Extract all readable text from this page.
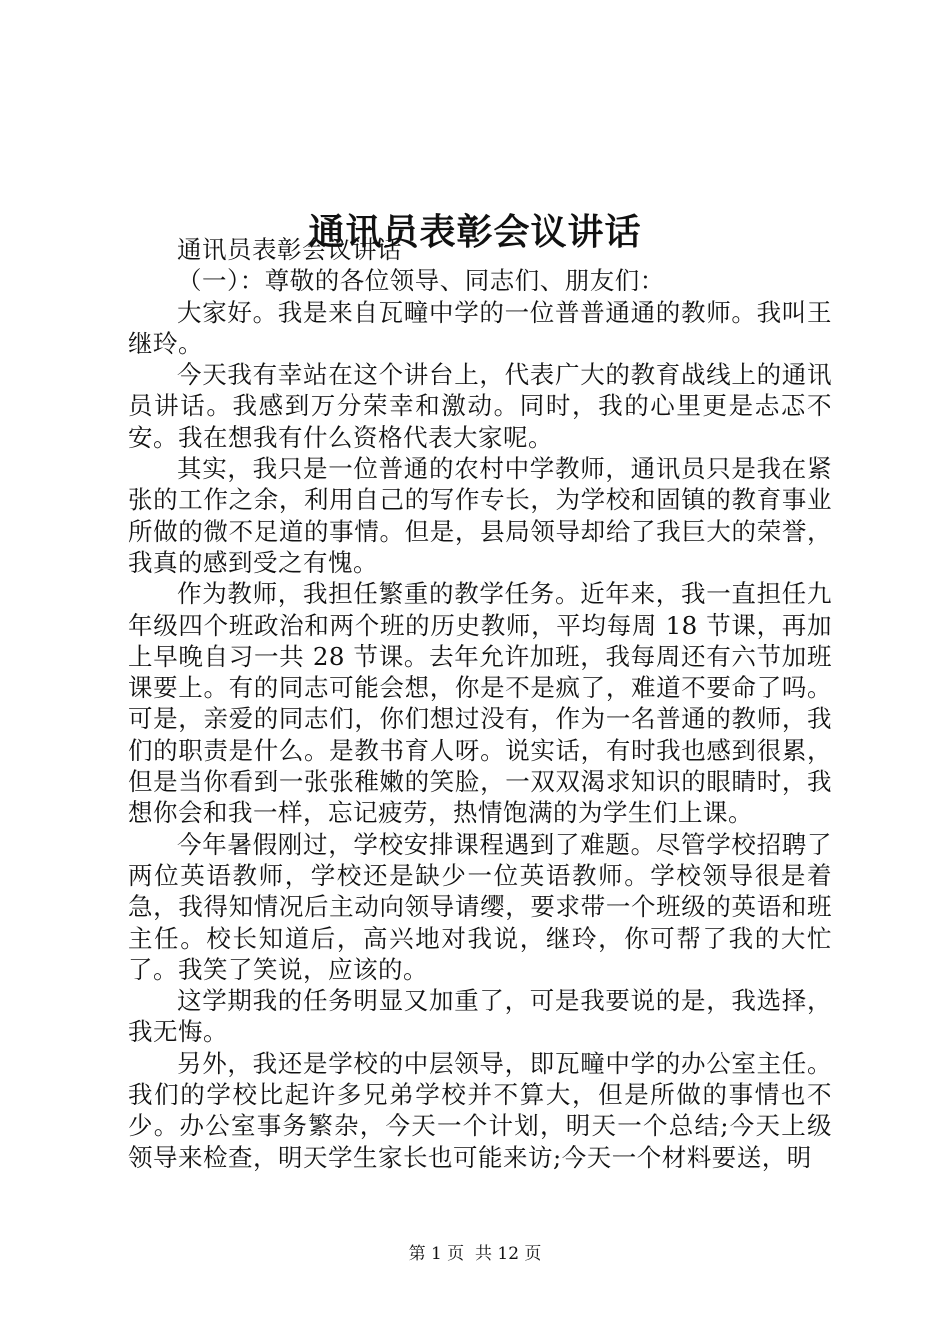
通讯员表彰会议讲话

通讯员表彰会议讲话

（一）：尊敬的各位领导、同志们、朋友们：

大家好。我是来自瓦疃中学的一位普普通通的教师。我叫王继玲。

今天我有幸站在这个讲台上，代表广大的教育战线上的通讯员讲话。我感到万分荣幸和激动。同时，我的心里更是忐忑不安。我在想我有什么资格代表大家呢。

其实，我只是一位普通的农村中学教师，通讯员只是我在紧张的工作之余，利用自己的写作专长，为学校和固镇的教育事业所做的微不足道的事情。但是，县局领导却给了我巨大的荣誉，我真的感到受之有愧。

作为教师，我担任繁重的教学任务。近年来，我一直担任九年级四个班政治和两个班的历史教师，平均每周 18 节课，再加上早晚自习一共 28 节课。去年允许加班，我每周还有六节加班课要上。有的同志可能会想，你是不是疯了，难道不要命了吗。可是，亲爱的同志们，你们想过没有，作为一名普通的教师，我们的职责是什么。是教书育人呀。说实话，有时我也感到很累，但是当你看到一张张稚嫩的笑脸，一双双渴求知识的眼睛时，我想你会和我一样，忘记疲劳，热情饱满的为学生们上课。

今年暑假刚过，学校安排课程遇到了难题。尽管学校招聘了两位英语教师，学校还是缺少一位英语教师。学校领导很是着急，我得知情况后主动向领导请缨，要求带一个班级的英语和班主任。校长知道后，高兴地对我说，继玲，你可帮了我的大忙了。我笑了笑说，应该的。

这学期我的任务明显又加重了，可是我要说的是，我选择，我无悔。

另外，我还是学校的中层领导，即瓦疃中学的办公室主任。我们的学校比起许多兄弟学校并不算大，但是所做的事情也不少。办公室事务繁杂，今天一个计划，明天一个总结;今天上级领导来检查，明天学生家长也可能来访;今天一个材料要送，明

第 1 页  共 12 页
